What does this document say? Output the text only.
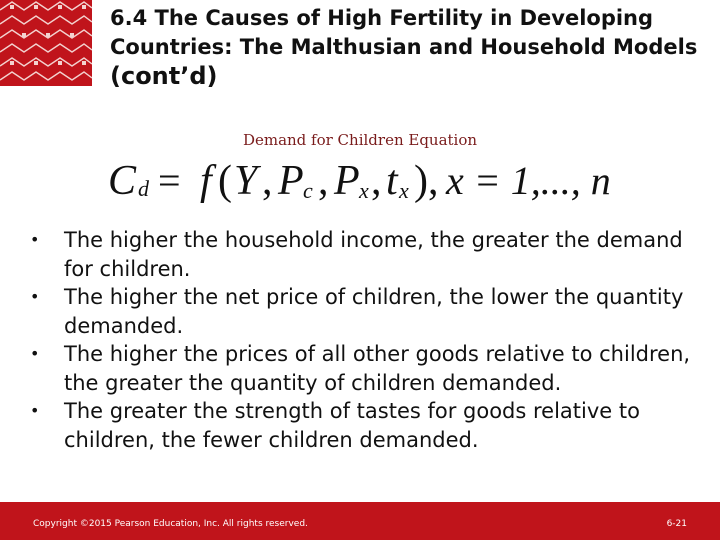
6.4 The Causes of High Fertility in Developing Countries: The Malthusian and Household Models (cont’d)
Demand for Children Equation
C d = f ( Y , P c , P x , t x ), x = 1,..., n
•	The higher the household income, the greater the demand for children.
•	The higher the net price of children, the lower the quantity demanded.
•	The higher the prices of all other goods relative to children, the greater the quantity of children demanded.
•	The greater the strength of tastes for goods relative to children, the fewer children demanded.
Copyright ©2015 Pearson Education, Inc. All rights reserved.	6-21
